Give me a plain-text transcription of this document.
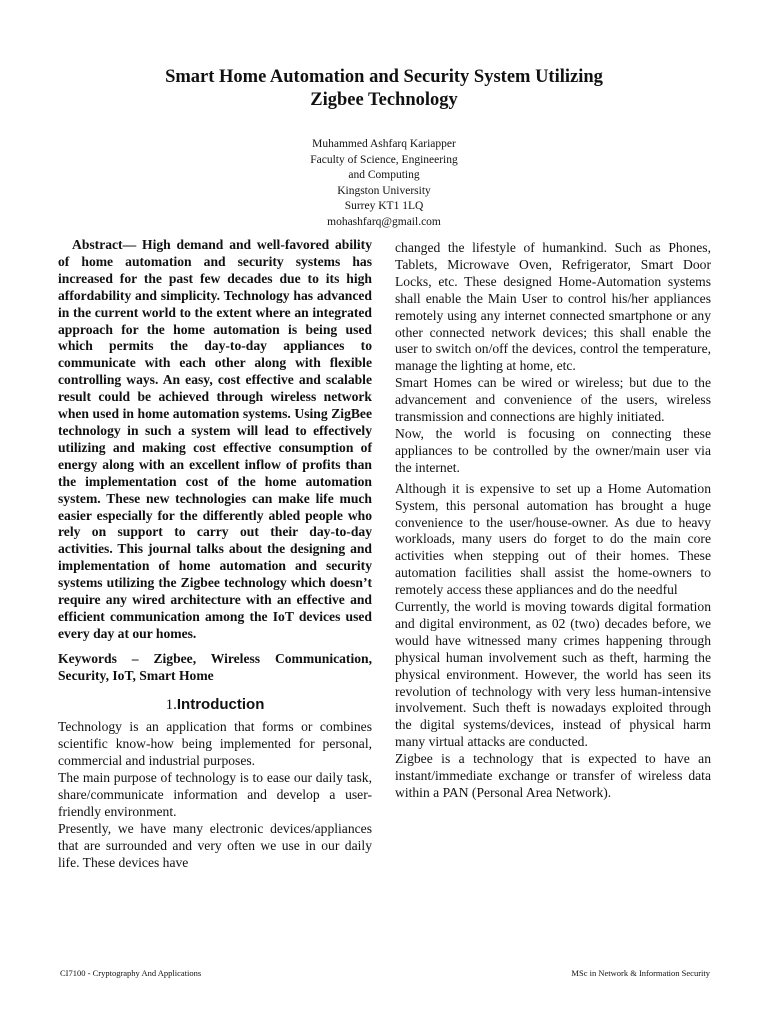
Smart Home Automation and Security System Utilizing
Zigbee Technology
Muhammed Ashfarq Kariapper
Faculty of Science, Engineering
and Computing
Kingston University
Surrey KT1 1LQ
mohashfarq@gmail.com

Abstract— High demand and well-favored ability of home automation and security systems has increased for the past few decades due to its high affordability and simplicity. Technology has advanced in the current world to the extent where an integrated approach for the home automation is being used which permits the day-to-day appliances to communicate with each other along with flexible controlling ways. An easy, cost effective and scalable result could be achieved through wireless network when used in home automation systems. Using ZigBee technology in such a system will lead to effectively utilizing and making cost effective consumption of energy along with an excellent inflow of profits than the implementation cost of the home automation system. These new technologies can make life much easier especially for the differently abled people who rely on support to carry out their day-to-day activities. This journal talks about the designing and implementation of home automation and security systems utilizing the Zigbee technology which doesn’t require any wired architecture with an effective and efficient communication among the IoT devices used every day at our homes.

Keywords – Zigbee, Wireless Communication, Security, IoT, Smart Home

1.Introduction

Technology is an application that forms or combines scientific know-how being implemented for personal, commercial and industrial purposes.

The main purpose of technology is to ease our daily task, share/communicate information and develop a user-friendly environment.

Presently, we have many electronic devices/appliances that are surrounded and very often we use in our daily life. These devices have

changed the lifestyle of humankind. Such as Phones, Tablets, Microwave Oven, Refrigerator, Smart Door Locks, etc. These designed Home-Automation systems shall enable the Main User to control his/her appliances remotely using any internet connected smartphone or any other connected network devices; this shall enable the user to switch on/off the devices, control the temperature, manage the lighting at home, etc.

Smart Homes can be wired or wireless; but due to the advancement and convenience of the users, wireless transmission and connections are highly initiated.

Now, the world is focusing on connecting these appliances to be controlled by the owner/main user via the internet.

Although it is expensive to set up a Home Automation System, this personal automation has brought a huge convenience to the user/house-owner. As due to heavy workloads, many users do forget to do the main core activities when stepping out of their homes. These automation facilities shall assist the home-owners to remotely access these appliances and do the needful

Currently, the world is moving towards digital formation and digital environment, as 02 (two) decades before, we would have witnessed many crimes happening through physical human involvement such as theft, harming the physical environment. However, the world has seen its revolution of technology with very less human-intensive involvement. Such theft is nowadays exploited through the digital systems/devices, instead of physical harm many virtual attacks are conducted.

Zigbee is a technology that is expected to have an instant/immediate exchange or transfer of wireless data within a PAN (Personal Area Network).

CI7100 - Cryptography And Applications	MSc in Network & Information Security
